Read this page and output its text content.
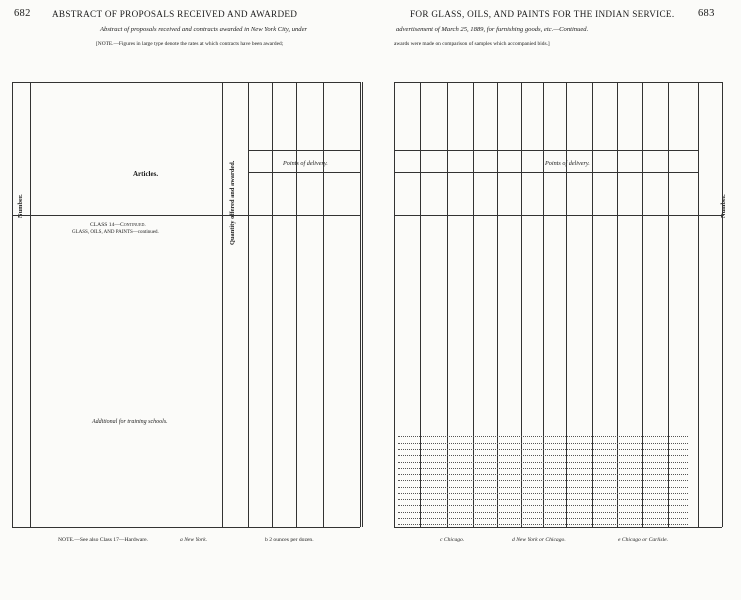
682 ABSTRACT OF PROPOSALS RECEIVED AND AWARDED
Abstract of proposals received and contracts awarded in New York City, under
[NOTE.—Figures in large type denote the rates at which contracts have been awarded;
FOR GLASS, OILS, AND PAINTS FOR THE INDIAN SERVICE. 683
advertisement of March 25, 1889, for furnishing goods, etc.—Continued.
awards were made on comparison of samples which accompanied bids.]
Number.
Articles.	Quantity offered and awarded.	Points of delivery.
CLASS 14—Continued.
GLASS, OILS, AND PAINTS—continued.
Additional for training schools.
Points of delivery.
Number.
NOTE.—See also Class 17—Hardware.	a New York.	b 2 ounces per dozen.	c Chicago.	d New York or Chicago.	e Chicago or Carlisle.
